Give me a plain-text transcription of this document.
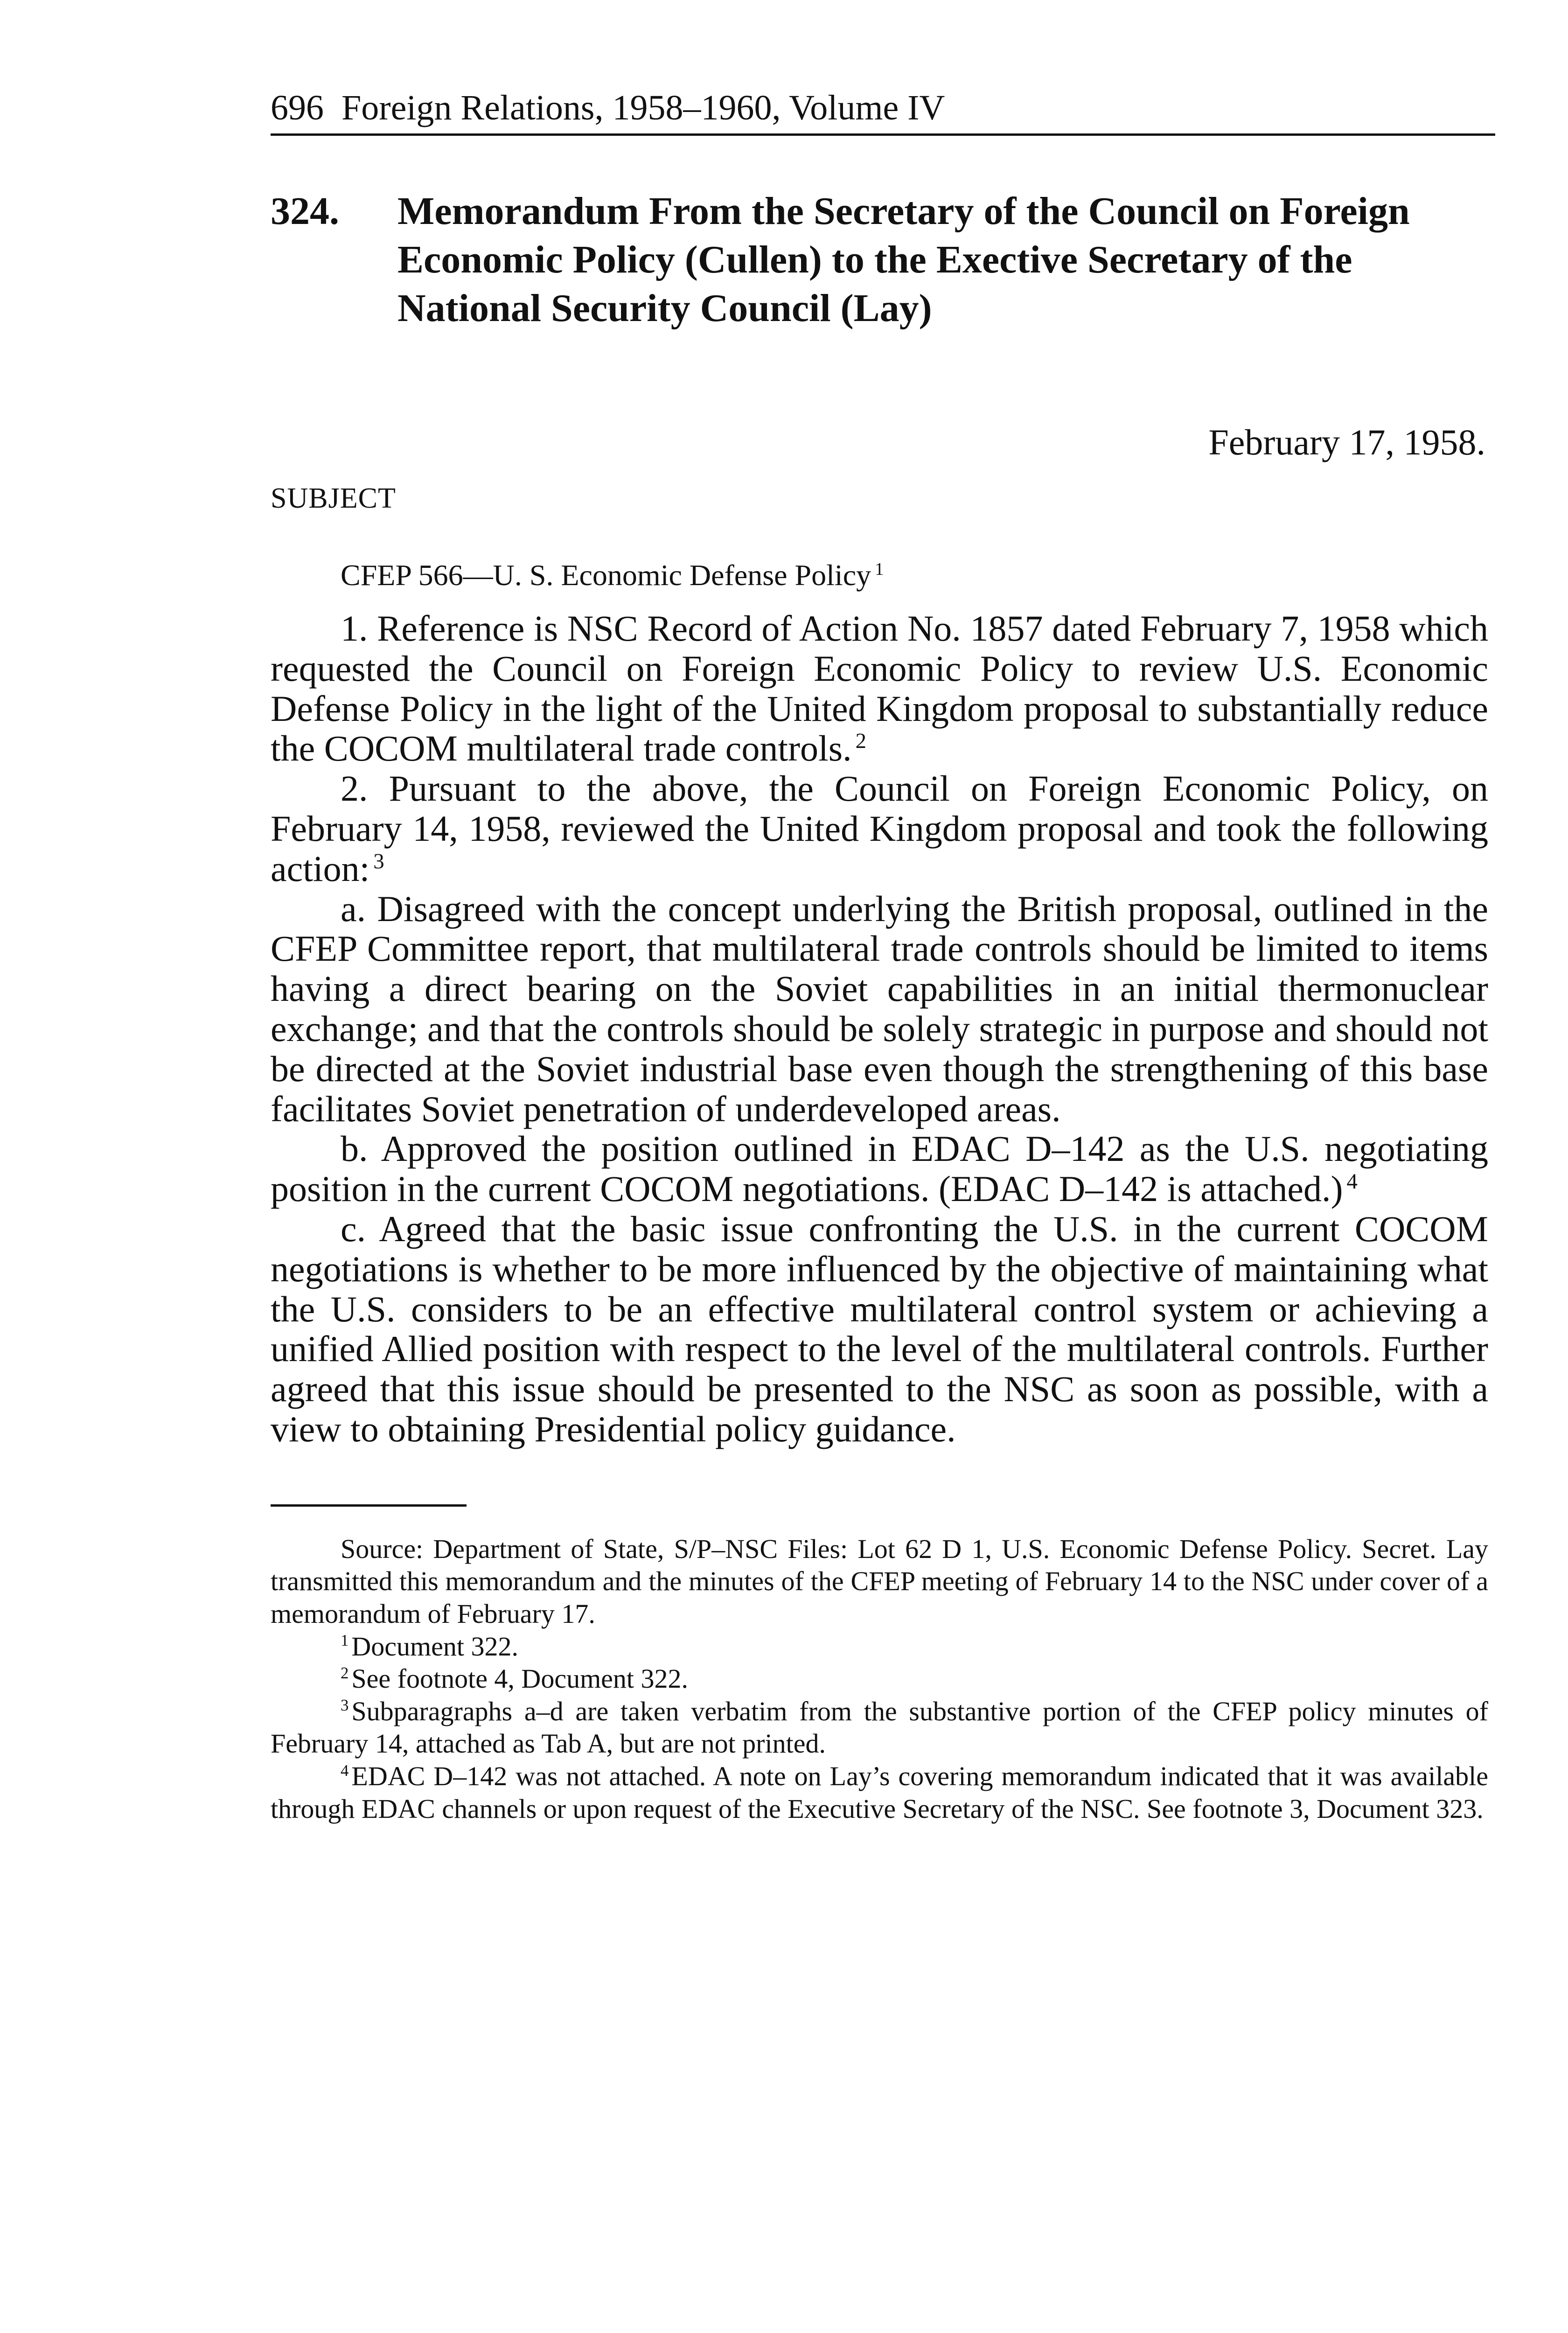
696 Foreign Relations, 1958–1960, Volume IV
324.	Memorandum From the Secretary of the Council on Foreign Economic Policy (Cullen) to the Exective Secretary of the National Security Council (Lay)
February 17, 1958.
SUBJECT
CFEP 566—U. S. Economic Defense Policy $^1$

1. Reference is NSC Record of Action No. 1857 dated February 7, 1958 which requested the Council on Foreign Economic Policy to review U.S. Economic Defense Policy in the light of the United Kingdom proposal to substantially reduce the COCOM multilateral trade controls. $^2$

2. Pursuant to the above, the Council on Foreign Economic Policy, on February 14, 1958, reviewed the United Kingdom proposal and took the following action: $^3$

a. Disagreed with the concept underlying the British proposal, outlined in the CFEP Committee report, that multilateral trade controls should be limited to items having a direct bearing on the Soviet capabilities in an initial thermonuclear exchange; and that the controls should be solely strategic in purpose and should not be directed at the Soviet industrial base even though the strengthening of this base facilitates Soviet penetration of underdeveloped areas.

b. Approved the position outlined in EDAC D–142 as the U.S. negotiating position in the current COCOM negotiations. (EDAC D–142 is attached.) $^4$

c. Agreed that the basic issue confronting the U.S. in the current COCOM negotiations is whether to be more influenced by the objective of maintaining what the U.S. considers to be an effective multilateral control system or achieving a unified Allied position with respect to the level of the multilateral controls. Further agreed that this issue should be presented to the NSC as soon as possible, with a view to obtaining Presidential policy guidance.

Source: Department of State, S/P–NSC Files: Lot 62 D 1, U.S. Economic Defense Policy. Secret. Lay transmitted this memorandum and the minutes of the CFEP meeting of February 14 to the NSC under cover of a memorandum of February 17.

$^1$ Document 322.

$^2$ See footnote 4, Document 322.

$^3$ Subparagraphs a–d are taken verbatim from the substantive portion of the CFEP policy minutes of February 14, attached as Tab A, but are not printed.

$^4$ EDAC D–142 was not attached. A note on Lay’s covering memorandum indicated that it was available through EDAC channels or upon request of the Executive Secretary of the NSC. See footnote 3, Document 323.
